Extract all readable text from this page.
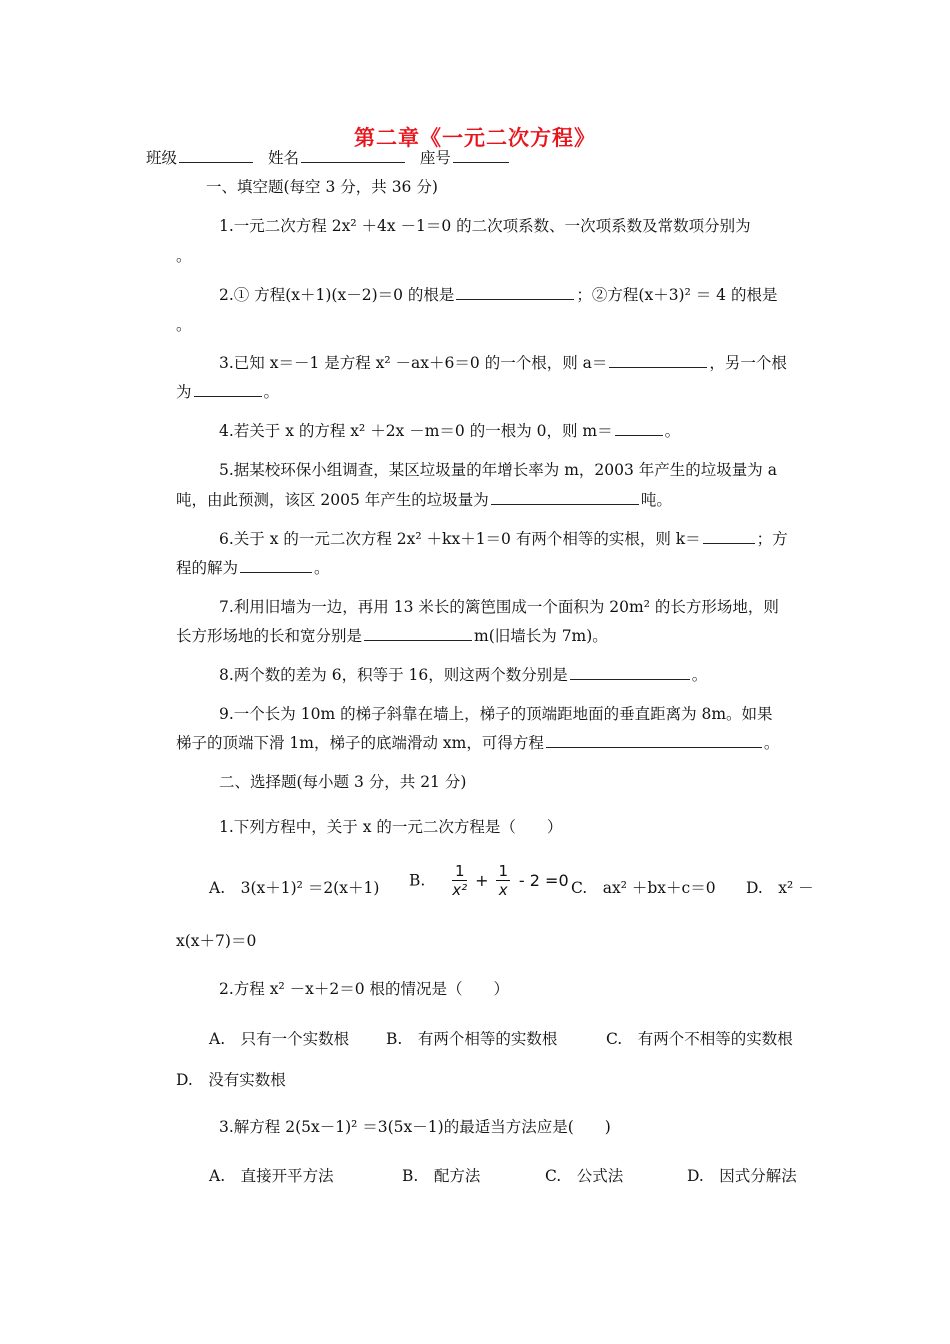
第二章《一元二次方程》
班级	姓名	座号
一、填空题(每空 3 分，共 36 分)
1.一元二次方程 2x² ＋4x －1＝0 的二次项系数、一次项系数及常数项分别为
。
2.① 方程(x＋1)(x－2)＝0 的根是	；②方程(x＋3)² ＝ 4 的根是
。
3.已知 x＝－1 是方程 x² －ax＋6＝0 的一个根，则 a＝	，另一个根
为	。
4.若关于 x 的方程 x² ＋2x －m＝0 的一根为 0，则 m＝	。
5.据某校环保小组调查，某区垃圾量的年增长率为 m，2003 年产生的垃圾量为 a
吨，由此预测，该区 2005 年产生的垃圾量为	吨。
6.关于 x 的一元二次方程 2x² ＋kx＋1＝0 有两个相等的实根，则 k＝	；方
程的解为	。
7.利用旧墙为一边，再用 13 米长的篱笆围成一个面积为 20m² 的长方形场地，则
长方形场地的长和宽分别是	m(旧墙长为 7m)。
8.两个数的差为 6，积等于 16，则这两个数分别是	。
9.一个长为 10m 的梯子斜靠在墙上，梯子的顶端距地面的垂直距离为 8m。如果
梯子的顶端下滑 1m，梯子的底端滑动 xm，可得方程	。
二、选择题(每小题 3 分，共 21 分)
1.下列方程中，关于 x 的一元二次方程是（　　）
A.　3(x＋1)² ＝2(x＋1) B. $\frac{1}{\text{x²}} + \frac{1}{x} - 2 =0$ C.　ax² ＋bx＋c＝0 D.　x² －
x(x＋7)＝0
2.方程 x² －x＋2＝0 根的情况是（　　）
A.　只有一个实数根 B.　有两个相等的实数根	C.　有两个不相等的实数根
D.　没有实数根
3.解方程 2(5x－1)² ＝3(5x－1)的最适当方法应是(　　)
A.　直接开平方法	B.　配方法	C.　公式法	D.　因式分解法
